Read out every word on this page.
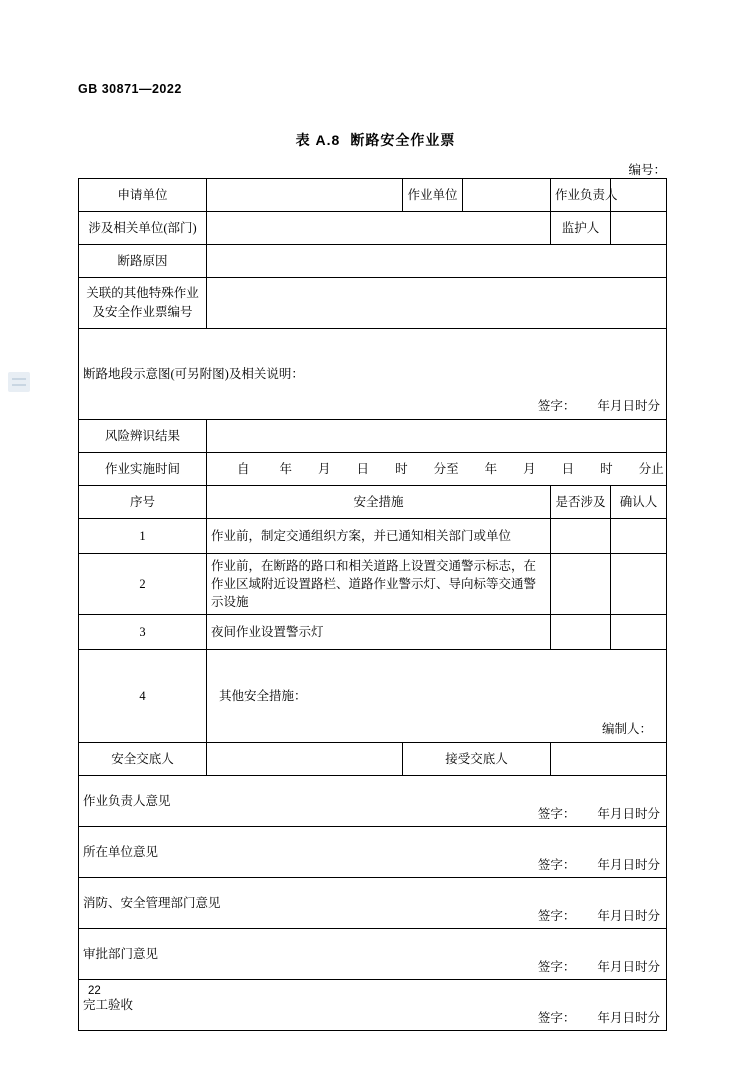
GB 30871—2022
表 A.8 断路安全作业票
编号：
申请单位		作业单位		作业负责人	
涉及相关单位(部门)				监护人	
断路原因					

关联的其他特殊作业
及安全作业票编号					

断路地段示意图(可另附图)及相关说明：
签字： 年月日时分					

风险辨识结果					
作业实施时间	自 年 月 日 时 分至 年 月 日 时 分止				
序号	安全措施			是否涉及	确认人
1	作业前，制定交通组织方案，并已通知相关部门或单位				
2	作业前，在断路的路口和相关道路上设置交通警示标志，在作业区域附近设置路栏、道路作业警示灯、导向标等交通警示设施				
3	夜间作业设置警示灯				
4	其他安全措施：
编制人：				

安全交底人		接受交底人			

作业负责人意见
签字： 年月日时分					

所在单位意见
签字： 年月日时分					

消防、安全管理部门意见
签字： 年月日时分					

审批部门意见
签字： 年月日时分					

完工验收
签字： 年月日时分					
22
